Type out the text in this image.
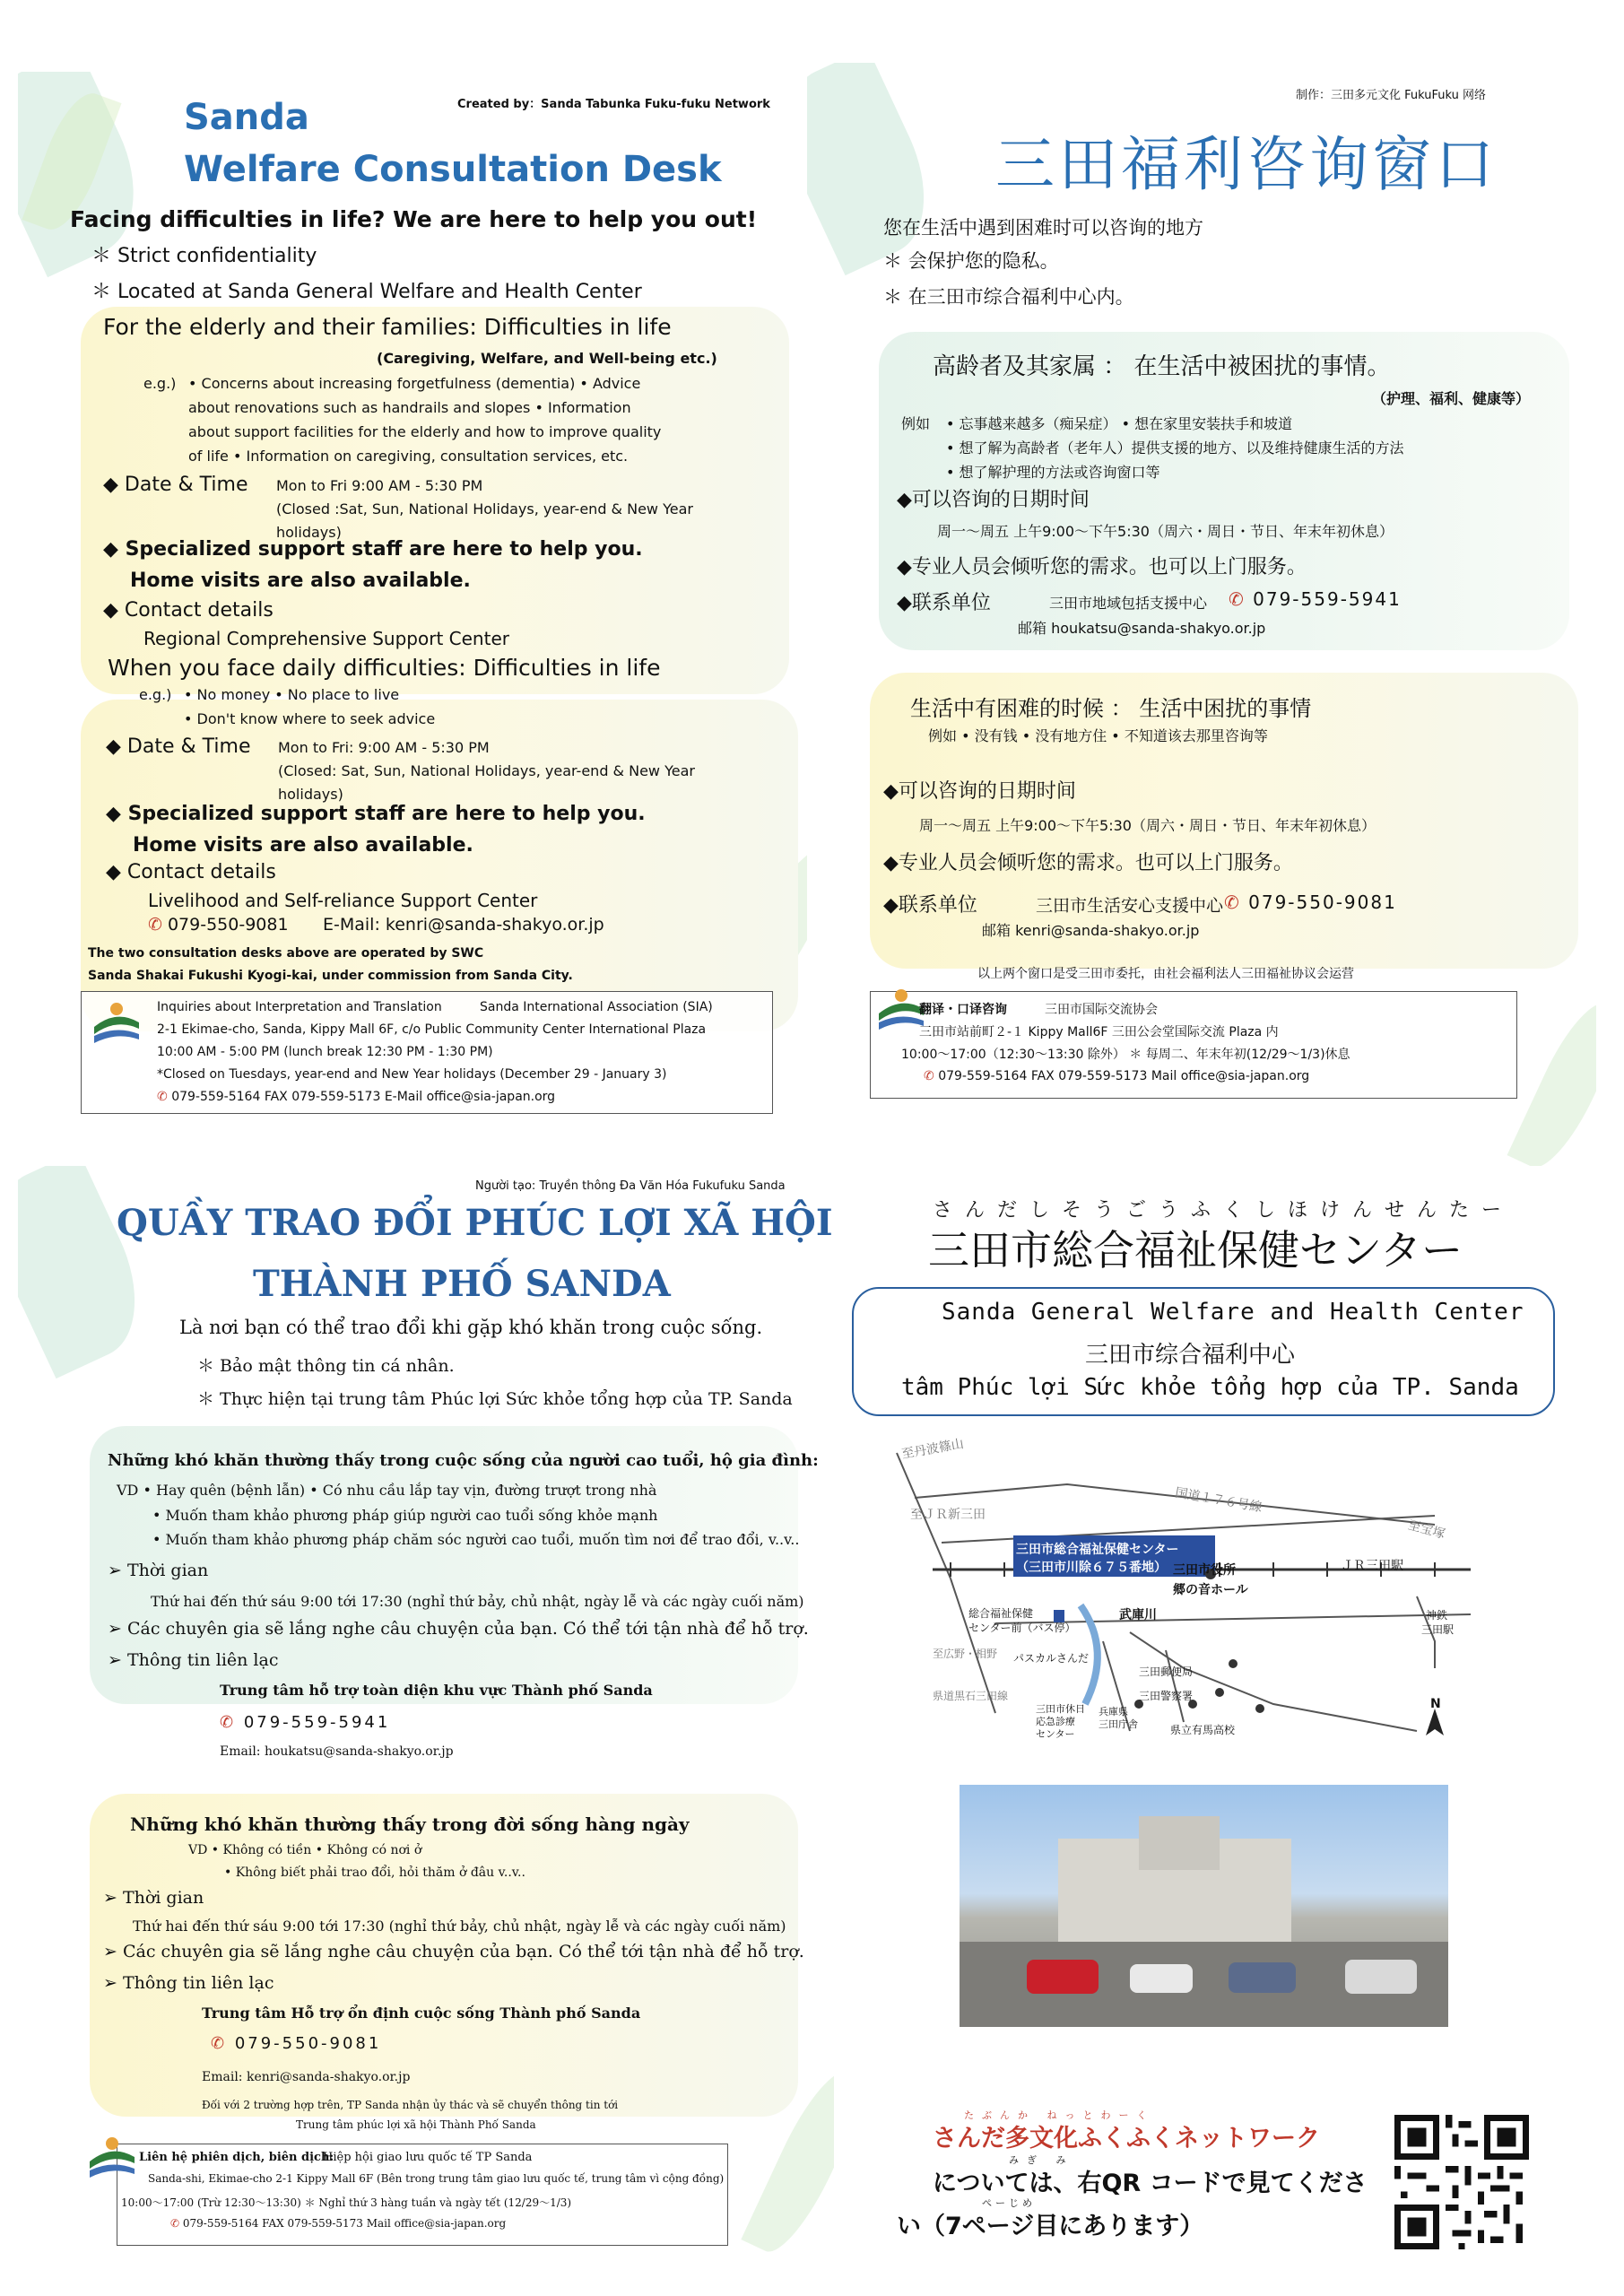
Created by：Sanda Tabunka Fuku-fuku Network
Sanda
Welfare Consultation Desk
Facing difficulties in life? We are here to help you out!
＊ Strict confidentiality
＊ Located at Sanda General Welfare and Health Center
For the elderly and their families: Difficulties in life
(Caregiving, Welfare, and Well-being etc.)
e.g.) • Concerns about increasing forgetfulness (dementia) • Advice
about renovations such as handrails and slopes • Information
about support facilities for the elderly and how to improve quality
of life • Information on caregiving, consultation services, etc.
◆ Date & Time Mon to Fri 9:00 AM - 5:30 PM
(Closed :Sat, Sun, National Holidays, year-end & New Year
holidays)
◆ Specialized support staff are here to help you.
Home visits are also available.
◆ Contact details
Regional Comprehensive Support Center
When you face daily difficulties: Difficulties in life
e.g.) • No money • No place to live
• Don't know where to seek advice
◆ Date & Time Mon to Fri: 9:00 AM - 5:30 PM
(Closed: Sat, Sun, National Holidays, year-end & New Year
holidays)
◆ Specialized support staff are here to help you.
Home visits are also available.
◆ Contact details
Livelihood and Self-reliance Support Center
✆ 079-550-9081 E-Mail: kenri@sanda-shakyo.or.jp
The two consultation desks above are operated by SWC
Sanda Shakai Fukushi Kyogi-kai, under commission from Sanda City.
Inquiries about Interpretation and Translation	Sanda International Association (SIA)
2-1 Ekimae-cho, Sanda, Kippy Mall 6F, c/o Public Community Center International Plaza
10:00 AM - 5:00 PM (lunch break 12:30 PM - 1:30 PM)
*Closed on Tuesdays, year-end and New Year holidays (December 29 - January 3)
✆ 079-559-5164 FAX 079-559-5173 E-Mail office@sia-japan.org
制作：三田多元文化 FukuFuku 网络
三田福利咨询窗口
您在生活中遇到困难时可以咨询的地方
＊ 会保护您的隐私。
＊ 在三田市综合福利中心内。
高龄者及其家属 ： 在生活中被困扰的事情。
（护理、福利、健康等）
例如 • 忘事越来越多（痴呆症） • 想在家里安装扶手和坡道
• 想了解为高龄者（老年人）提供支援的地方、以及维持健康生活的方法
• 想了解护理的方法或咨询窗口等
◆可以咨询的日期时间
周一～周五 上午9:00～下午5:30（周六・周日・节日、年末年初休息）
◆专业人员会倾听您的需求。也可以上门服务。
◆联系单位	三田市地域包括支援中心 ✆ 079-559-5941
邮箱 houkatsu@sanda-shakyo.or.jp
生活中有困难的时候 ： 生活中困扰的事情
例如 • 没有钱 • 没有地方住 • 不知道该去那里咨询等
◆可以咨询的日期时间
周一～周五 上午9:00～下午5:30（周六・周日・节日、年末年初休息）
◆专业人员会倾听您的需求。也可以上门服务。
◆联系单位	三田市生活安心支援中心 ✆ 079-550-9081
邮箱 kenri@sanda-shakyo.or.jp
以上两个窗口是受三田市委托，由社会福利法人三田福祉协议会运营
翻译・口译咨询	三田市国际交流协会
三田市站前町２-１ Kippy Mall6F 三田公会堂国际交流 Plaza 内
10:00～17:00（12:30～13:30 除外） ＊ 每周二、年末年初(12/29～1/3)休息
✆ 079-559-5164 FAX 079-559-5173 Mail office@sia-japan.org
Người tạo: Truyền thông Đa Văn Hóa Fukufuku Sanda
QUẦY TRAO ĐỔI PHÚC LỢI XÃ HỘI
THÀNH PHỐ SANDA
Là nơi bạn có thể trao đổi khi gặp khó khăn trong cuộc sống.
＊ Bảo mật thông tin cá nhân.
＊ Thực hiện tại trung tâm Phúc lợi Sức khỏe tổng hợp của TP. Sanda
Những khó khăn thường thấy trong cuộc sống của người cao tuổi, hộ gia đình:
VD • Hay quên (bệnh lẫn) • Có nhu cầu lắp tay vịn, đường trượt trong nhà
• Muốn tham khảo phương pháp giúp người cao tuổi sống khỏe mạnh
• Muốn tham khảo phương pháp chăm sóc người cao tuổi, muốn tìm nơi để trao đổi, v..v..
➢ Thời gian
Thứ hai đến thứ sáu 9:00 tới 17:30 (nghỉ thứ bảy, chủ nhật, ngày lễ và các ngày cuối năm)
➢ Các chuyên gia sẽ lắng nghe câu chuyện của bạn. Có thể tới tận nhà để hỗ trợ.
➢ Thông tin liên lạc
Trung tâm hỗ trợ toàn diện khu vực Thành phố Sanda
✆ 079-559-5941
Email: houkatsu@sanda-shakyo.or.jp
Những khó khăn thường thấy trong đời sống hàng ngày
VD • Không có tiền • Không có nơi ở
• Không biết phải trao đổi, hỏi thăm ở đâu v..v..
➢ Thời gian
Thứ hai đến thứ sáu 9:00 tới 17:30 (nghỉ thứ bảy, chủ nhật, ngày lễ và các ngày cuối năm)
➢ Các chuyên gia sẽ lắng nghe câu chuyện của bạn. Có thể tới tận nhà để hỗ trợ.
➢ Thông tin liên lạc
Trung tâm Hỗ trợ ổn định cuộc sống Thành phố Sanda
✆ 079-550-9081
Email: kenri@sanda-shakyo.or.jp
Đối với 2 trường hợp trên, TP Sanda nhận ủy thác và sẽ chuyển thông tin tới
Trung tâm phúc lợi xã hội Thành Phố Sanda
Liên hệ phiên dịch, biên dịch:
Hiệp hội giao lưu quốc tế TP Sanda
Sanda-shi, Ekimae-cho 2-1 Kippy Mall 6F (Bên trong trung tâm giao lưu quốc tế, trung tâm vì cộng đồng)
10:00～17:00 (Trừ 12:30～13:30) ＊ Nghỉ thứ 3 hàng tuần và ngày tết (12/29～1/3)
✆ 079-559-5164 FAX 079-559-5173 Mail office@sia-japan.org
さんだしそうごうふくしほけんせんたー
三田市総合福祉保健センター
Sanda General Welfare and Health Center
三田市综合福利中心
tâm Phúc lợi Sức khỏe tổng hợp của TP. Sanda
至丹波篠山
至ＪＲ新三田	国道１７６号線
至宝塚
ＪＲ三田駅
三田市総合福祉保健センター
（三田市川除６７５番地） 三田市役所
郷の音ホール
武庫川
総合福祉保健
センター前（バス停）
パスカルさんだ
神鉄
三田駅
至広野・相野
県道黒石三田線
三田郵便局
三田警察署
三田市休日
応急診療
センター
兵庫県
三田庁舎	県立有馬高校
N
たぶんか ねっとわーく
さんだ多文化ふくふくネットワーク
みぎ み
については、右QR コードで見てくださ
ぺーじめ
い（7ページ目にあります）
